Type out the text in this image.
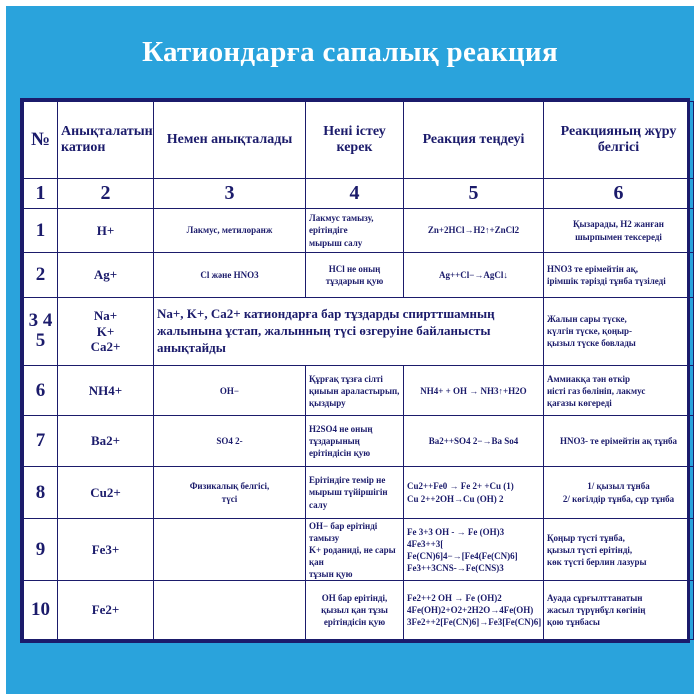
Катиондарға сапалық реакция
№	Анықталатын катион	Немен анықталады	Нені істеу керек	Реакция теңдеуі	Реакцияның жүру белгісі
1	2	3	4	5	6
1	H+	Лакмус, метилоранж	Лакмус тамызу, ерітіндіге
мырыш салу	Zn+2HCl→H2↑+ZnCl2	Қызарады, H2 жанған
шырпымен тексереді

2	Ag+	Cl және HNO3	HCl не оның тұздарын қую	Ag++Cl−→AgCl↓	HNO3 те ерімейтін ақ,
ірімшік тәрізді тұнба түзіледі

3 4 5	Na+
K+
Ca2+	Na+, K+, Ca2+ катиондарға бар тұздарды спирттшамның жалынына ұстап, жалынның түсі өзгеруіне байланысты анықтайды			Жалын сары түске,
күлгін түске, қоңыр-
қызыл түске бовлады

6	NH4+	OH−	Құрғақ тұзға сілті
қиыын араластырып,
қыздыру	NH4+ + OH → NH3↑+H2O	Аммиакқа тән өткір
иісті газ бөлініп, лакмус
қағазы көгереді

7	Ba2+	SO4 2-	H2SO4 не оның
тұздарының
ерітіндісін қую	Ba2++SO4 2−→Ba So4	HNO3- те ерімейтін ақ тұнба

8	Cu2+	Физикалық белгісі,
түсі	Ерітіндіге темір не
мырыш түйіршігін салу	Cu2++Fe0 → Fe 2+ +Cu (1)
Cu 2++2OH→Cu (OH) 2	1/ қызыл тұнба
2/ көгілдір тұнба, сұр тұнба

9	Fe3+		OH− бар ерітінді тамызу
K+ роданиді, не сары қан
тұзын қую	Fe 3+3 OH - → Fe (OH)3
4Fe3++3[ Fe(CN)6]4−→[Fe4(Fe(CN)6]
Fe3++3CNS-→Fe(CNS)3	Қоңыр түсті тұнба,
қызыл түсті ерітінді,
көк түсті берлин лазуры

10	Fe2+		OH бар ерітінді,
қызыл қан тұзы
ерітіндісін қую	Fe2++2 OH → Fe (OH)2
4Fe(OH)2+O2+2H2O→4Fe(OH)
3Fe2++2[Fe(CN)6]→Fe3[Fe(CN)6]	Ауада сұрғылттанатын
жасыл түрүнбұл көгінің
қою тұнбасы
